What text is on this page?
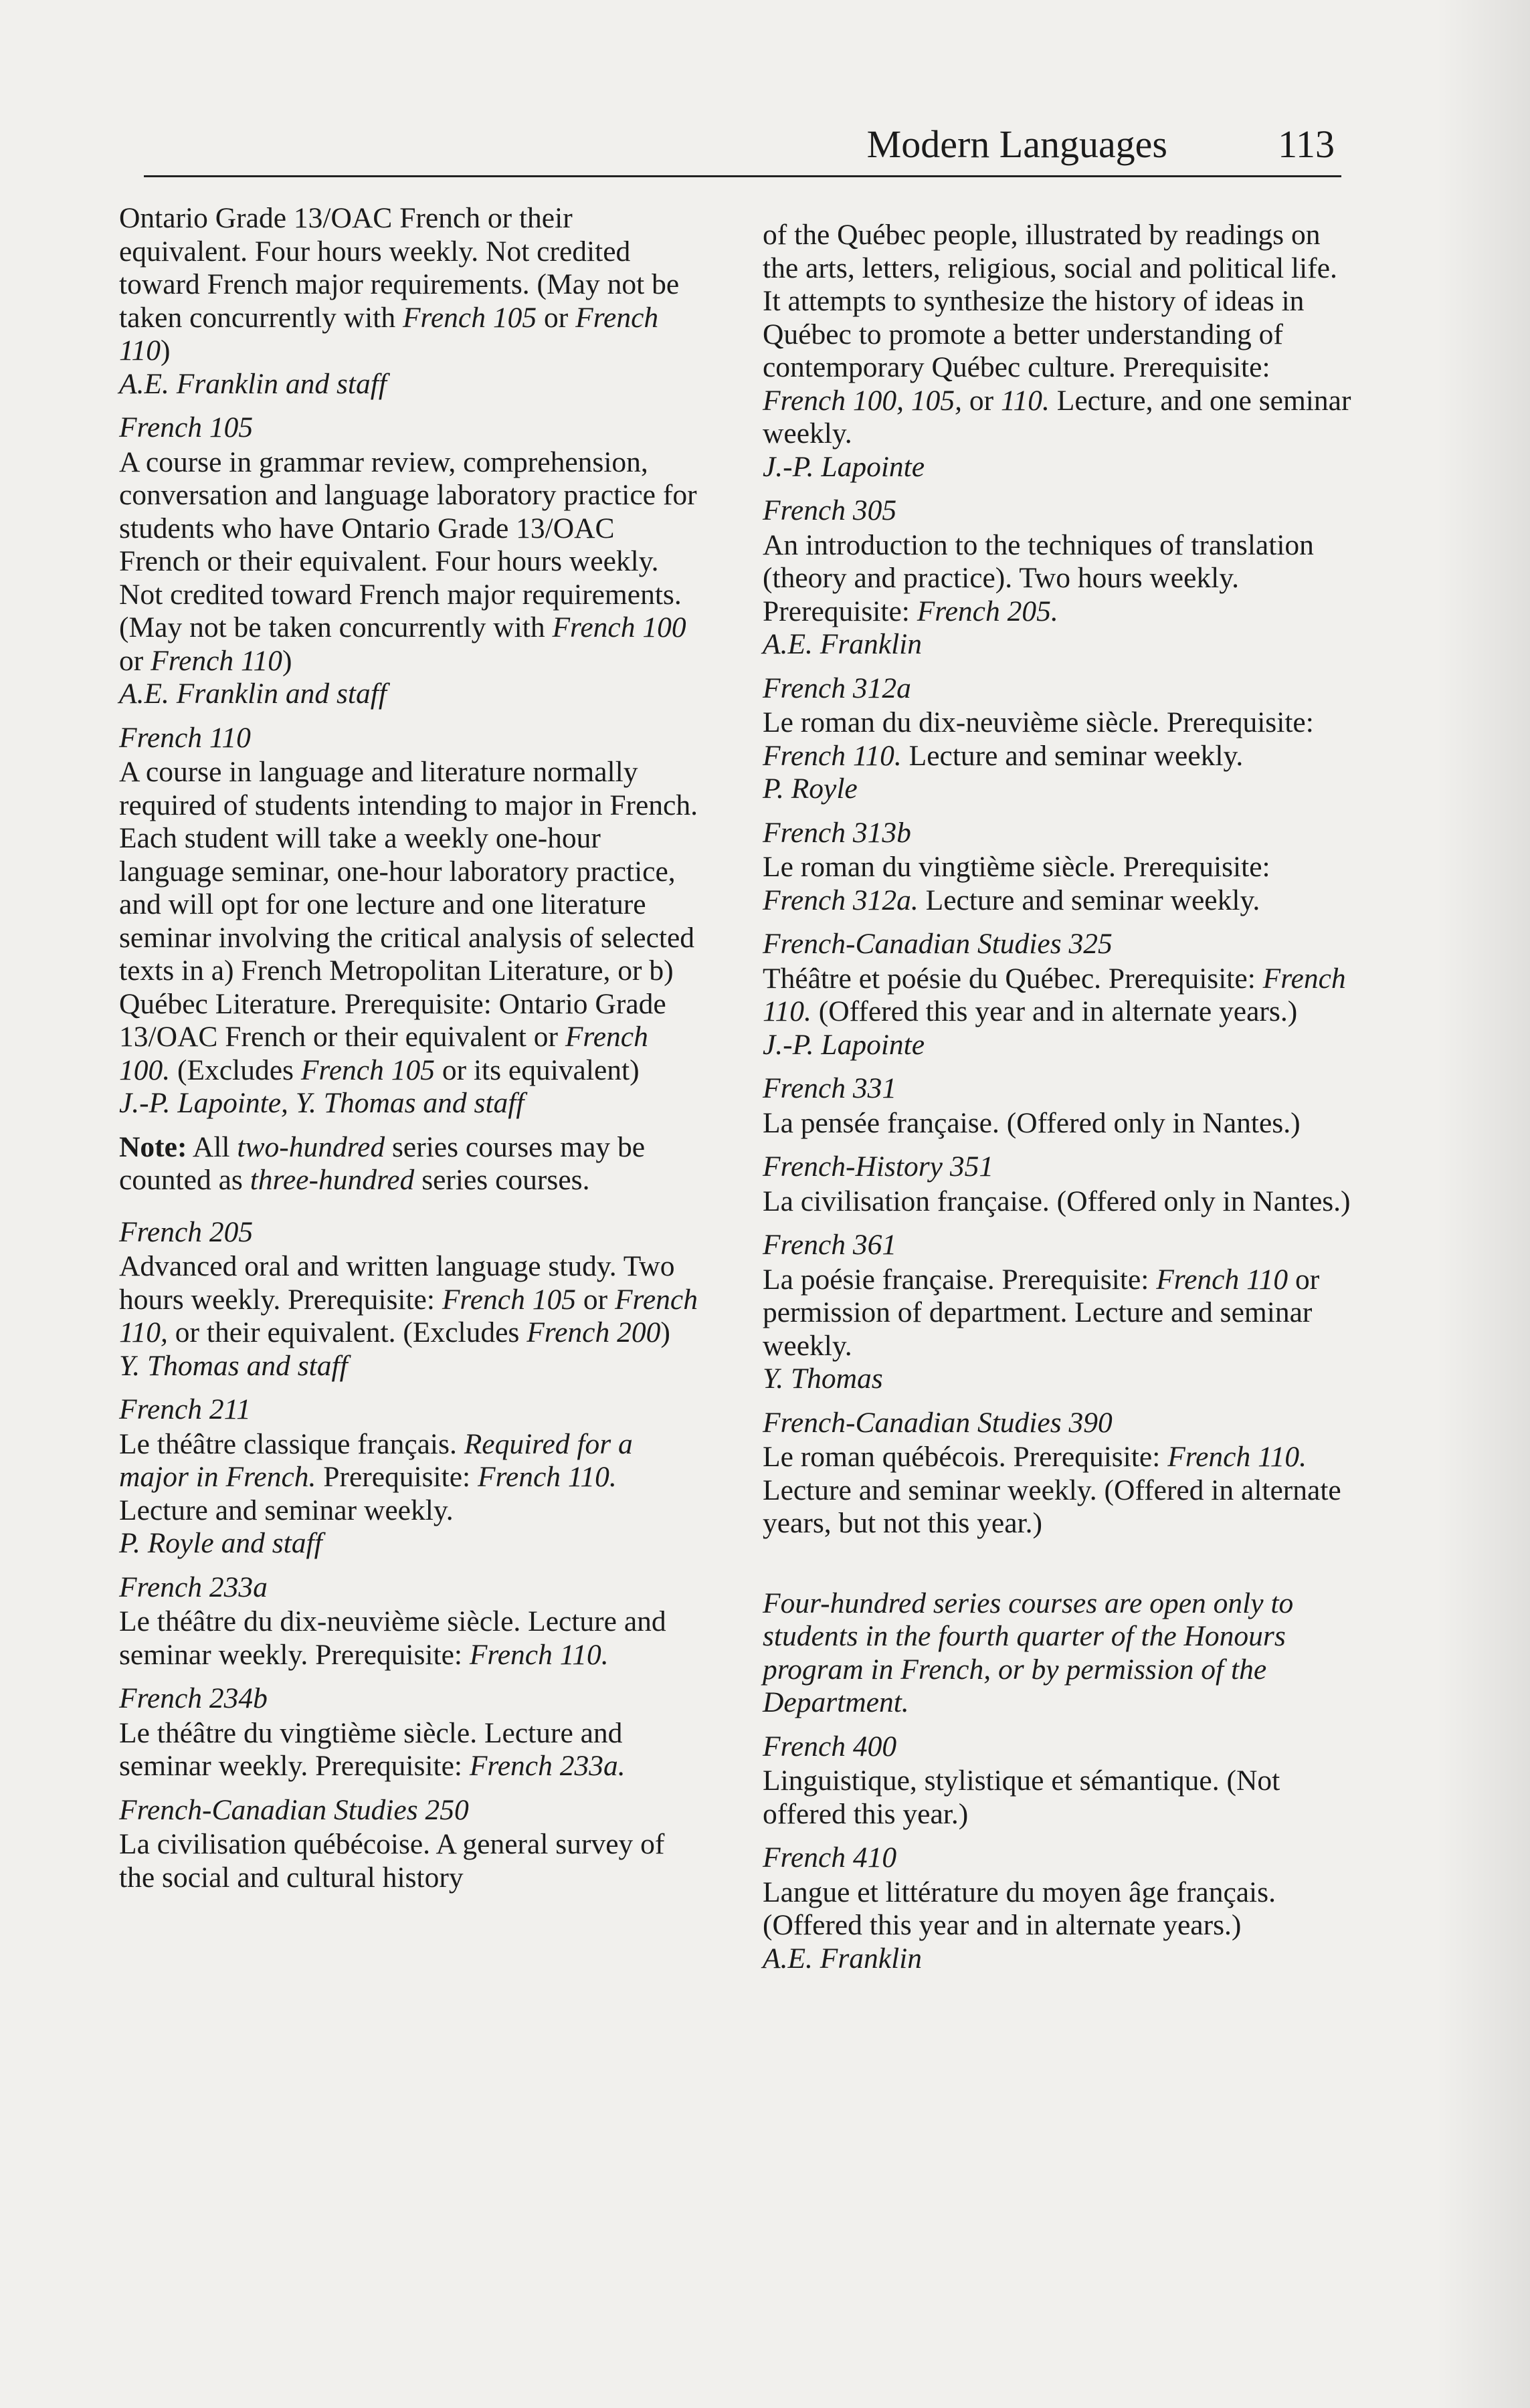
Modern Languages	113
Ontario Grade 13/OAC French or their equivalent. Four hours weekly. Not credited toward French major requirements. (May not be taken concurrently with French 105 or French 110)
A.E. Franklin and staff
French 105
A course in grammar review, comprehension, conversation and language laboratory practice for students who have Ontario Grade 13/OAC French or their equivalent. Four hours weekly. Not credited toward French major requirements. (May not be taken concurrently with French 100 or French 110)
A.E. Franklin and staff
French 110
A course in language and literature normally required of students intending to major in French. Each student will take a weekly one-hour language seminar, one-hour laboratory practice, and will opt for one lecture and one literature seminar involving the critical analysis of selected texts in a) French Metropolitan Literature, or b) Québec Literature. Prerequisite: Ontario Grade 13/OAC French or their equivalent or French 100. (Excludes French 105 or its equivalent)
J.-P. Lapointe, Y. Thomas and staff
Note: All two-hundred series courses may be counted as three-hundred series courses.
French 205
Advanced oral and written language study. Two hours weekly. Prerequisite: French 105 or French 110, or their equivalent. (Excludes French 200)
Y. Thomas and staff
French 211
Le théâtre classique français. Required for a major in French. Prerequisite: French 110. Lecture and seminar weekly.
P. Royle and staff
French 233a
Le théâtre du dix-neuvième siècle. Lecture and seminar weekly. Prerequisite: French 110.
French 234b
Le théâtre du vingtième siècle. Lecture and seminar weekly. Prerequisite: French 233a.
French-Canadian Studies 250
La civilisation québécoise. A general survey of the social and cultural history
of the Québec people, illustrated by readings on the arts, letters, religious, social and political life. It attempts to synthesize the history of ideas in Québec to promote a better understanding of contemporary Québec culture. Prerequisite: French 100, 105, or 110. Lecture, and one seminar weekly.
J.-P. Lapointe
French 305
An introduction to the techniques of translation (theory and practice). Two hours weekly. Prerequisite: French 205.
A.E. Franklin
French 312a
Le roman du dix-neuvième siècle. Prerequisite: French 110. Lecture and seminar weekly.
P. Royle
French 313b
Le roman du vingtième siècle. Prerequisite: French 312a. Lecture and seminar weekly.
French-Canadian Studies 325
Théâtre et poésie du Québec. Prerequisite: French 110. (Offered this year and in alternate years.)
J.-P. Lapointe
French 331
La pensée française. (Offered only in Nantes.)
French-History 351
La civilisation française. (Offered only in Nantes.)
French 361
La poésie française. Prerequisite: French 110 or permission of department. Lecture and seminar weekly.
Y. Thomas
French-Canadian Studies 390
Le roman québécois. Prerequisite: French 110. Lecture and seminar weekly. (Offered in alternate years, but not this year.)
Four-hundred series courses are open only to students in the fourth quarter of the Honours program in French, or by permission of the Department.
French 400
Linguistique, stylistique et sémantique. (Not offered this year.)
French 410
Langue et littérature du moyen âge français. (Offered this year and in alternate years.)
A.E. Franklin
